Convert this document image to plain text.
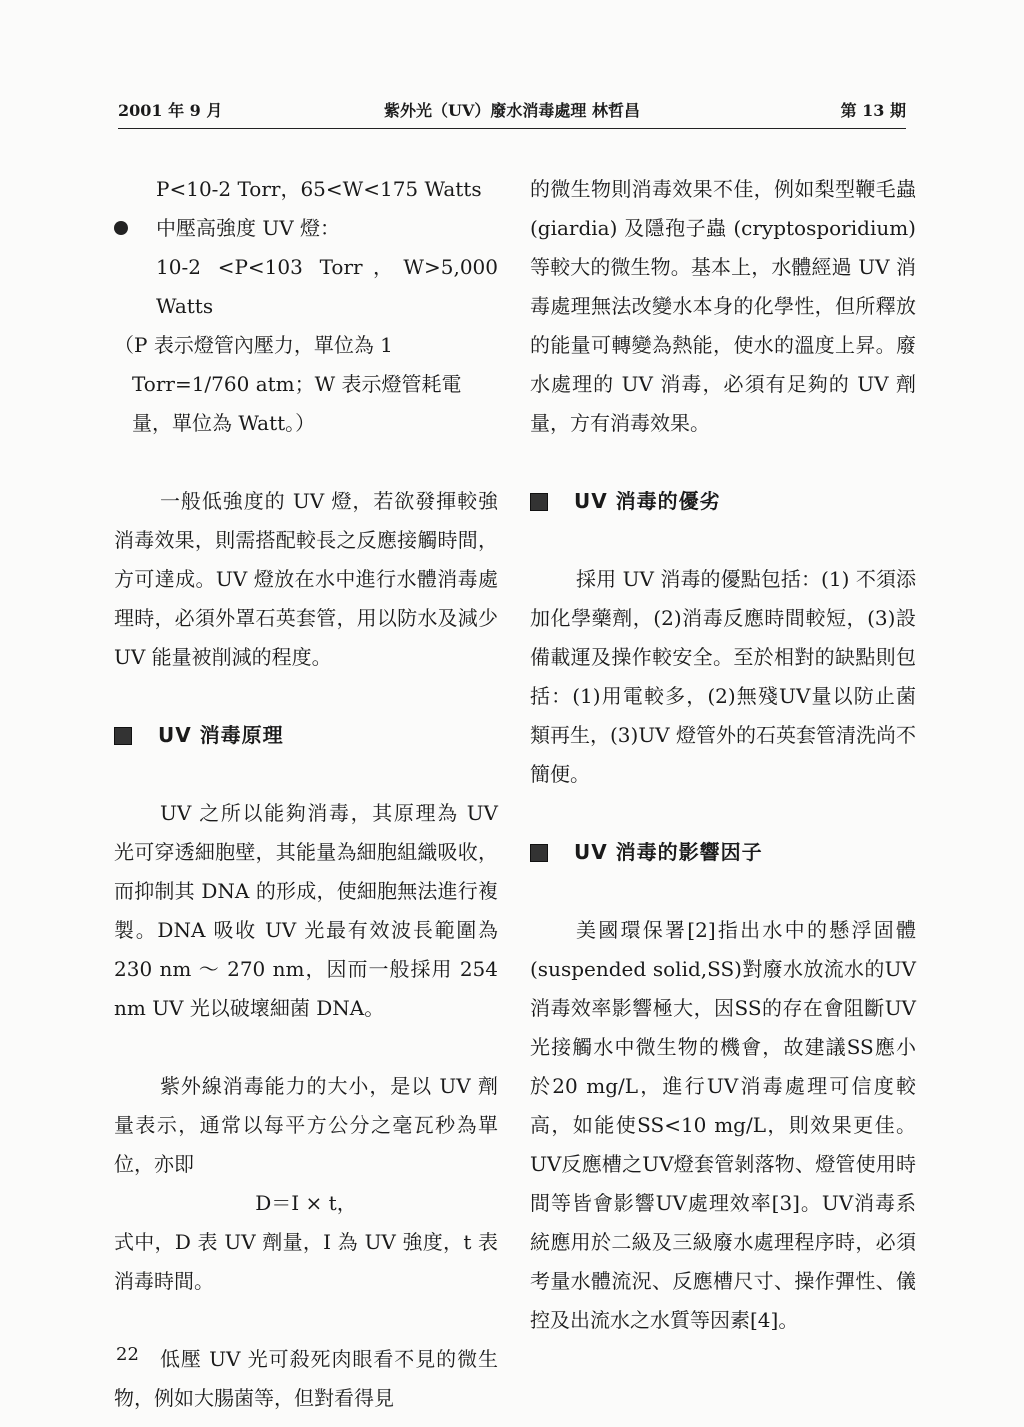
2001 年 9 月	紫外光（UV）廢水消毒處理 林哲昌	第 13 期

P<10-2 Torr，65<W<175 Watts

中壓高強度 UV 燈：

10-2 <P<103 Torr，W>5,000 Watts

（P 表示燈管內壓力，單位為 1

Torr=1/760 atm；W 表示燈管耗電

量，單位為 Watt。）

一般低強度的 UV 燈，若欲發揮較強消毒效果，則需搭配較長之反應接觸時間，方可達成。UV 燈放在水中進行水體消毒處理時，必須外罩石英套管，用以防水及減少 UV 能量被削減的程度。

UV 消毒原理

UV 之所以能夠消毒，其原理為 UV 光可穿透細胞壁，其能量為細胞組織吸收，而抑制其 DNA 的形成，使細胞無法進行複製。DNA 吸收 UV 光最有效波長範圍為 230 nm ～ 270 nm，因而一般採用 254 nm UV 光以破壞細菌 DNA。

紫外線消毒能力的大小，是以 UV 劑量表示，通常以每平方公分之毫瓦秒為單位，亦即

D＝I × t，

式中，D 表 UV 劑量，I 為 UV 強度，t 表消毒時間。

低壓 UV 光可殺死肉眼看不見的微生物，例如大腸菌等，但對看得見

的微生物則消毒效果不佳，例如梨型鞭毛蟲 (giardia) 及隱孢子蟲 (cryptosporidium)等較大的微生物。基本上，水體經過 UV 消毒處理無法改變水本身的化學性，但所釋放的能量可轉變為熱能，使水的溫度上昇。廢水處理的 UV 消毒，必須有足夠的 UV 劑量，方有消毒效果。

UV 消毒的優劣

採用 UV 消毒的優點包括：(1) 不須添加化學藥劑，(2)消毒反應時間較短，(3)設備載運及操作較安全。至於相對的缺點則包括：(1)用電較多，(2)無殘UV量以防止菌類再生，(3)UV 燈管外的石英套管清洗尚不簡便。

UV 消毒的影響因子

美國環保署[2]指出水中的懸浮固體(suspended solid,SS)對廢水放流水的UV消毒效率影響極大，因SS的存在會阻斷UV光接觸水中微生物的機會，故建議SS應小於20 mg/L，進行UV消毒處理可信度較高，如能使SS<10 mg/L，則效果更佳。UV反應槽之UV燈套管剝落物、燈管使用時間等皆會影響UV處理效率[3]。UV消毒系統應用於二級及三級廢水處理程序時，必須考量水體流況、反應槽尺寸、操作彈性、儀控及出流水之水質等因素[4]。

22
